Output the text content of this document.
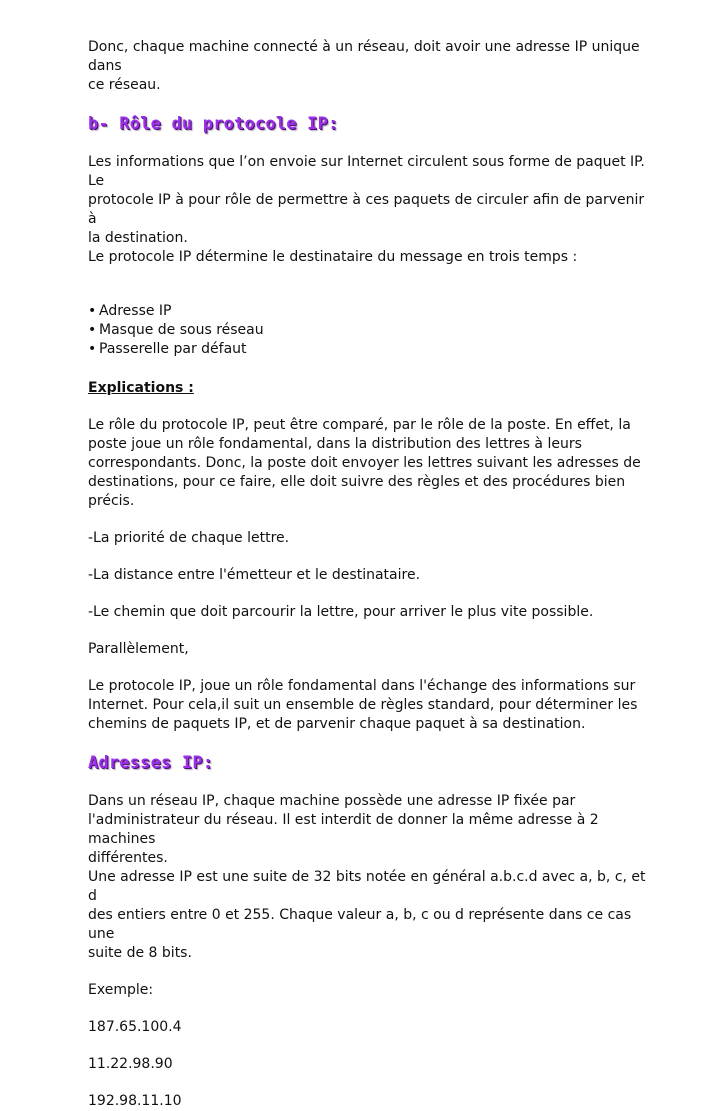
Donc, chaque machine connecté à un réseau, doit avoir une adresse IP unique dans

ce réseau.

b- Rôle du protocole IP:

Les informations que l’on envoie sur Internet circulent sous forme de paquet IP. Le

protocole IP à pour rôle de permettre à ces paquets de circuler afin de parvenir à

la destination.

Le protocole IP détermine le destinataire du message en trois temps :

• Adresse IP
• Masque de sous réseau
• Passerelle par défaut

Explications :

Le rôle du protocole IP, peut être comparé, par le rôle de la poste. En effet, la

poste joue un rôle fondamental, dans la distribution des lettres à leurs

correspondants. Donc, la poste doit envoyer les lettres suivant les adresses de

destinations, pour ce faire, elle doit suivre des règles et des procédures bien

précis.

-La priorité de chaque lettre.

-La distance entre l'émetteur et le destinataire.

-Le chemin que doit parcourir la lettre, pour arriver le plus vite possible.

Parallèlement,

Le protocole IP, joue un rôle fondamental dans l'échange des informations sur

Internet. Pour cela,il suit un ensemble de règles standard, pour déterminer les

chemins de paquets IP, et de parvenir chaque paquet à sa destination.

Adresses IP:

Dans un réseau IP, chaque machine possède une adresse IP fixée par

l'administrateur du réseau. Il est interdit de donner la même adresse à 2 machines

différentes.

Une adresse IP est une suite de 32 bits notée en général a.b.c.d avec a, b, c, et d

des entiers entre 0 et 255. Chaque valeur a, b, c ou d représente dans ce cas une

suite de 8 bits.

Exemple:

187.65.100.4

11.22.98.90

192.98.11.10
